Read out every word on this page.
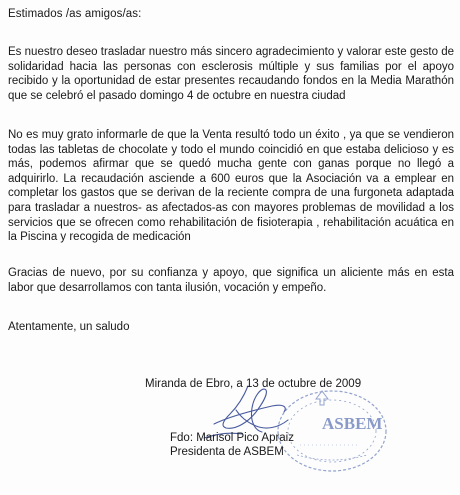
Estimados /as amigos/as:

Es nuestro deseo trasladar nuestro más sincero agradecimiento y valorar este gesto de solidaridad hacia las personas con esclerosis múltiple y sus familias por el apoyo recibido y la oportunidad de estar presentes recaudando fondos en la Media Marathón que se celebró el pasado domingo 4 de octubre en nuestra ciudad

No es muy grato informarle de que la Venta resultó todo un éxito , ya que se vendieron todas las tabletas de chocolate y todo el mundo coincidió en que estaba delicioso y es más, podemos afirmar que se quedó mucha gente con ganas porque no llegó a adquirirlo. La recaudación asciende a 600 euros que la Asociación va a emplear en completar los gastos que se derivan de la reciente compra de una furgoneta adaptada para trasladar a nuestros- as afectados-as con mayores problemas de movilidad a los servicios que se ofrecen como rehabilitación de fisioterapia , rehabilitación acuática en la Piscina y recogida de medicación

Gracias de nuevo, por su confianza y apoyo, que significa un aliciente más en esta labor que desarrollamos con tanta ilusión, vocación y empeño.

Atentamente, un saludo
Miranda de Ebro, a 13 de octubre de 2009
ASBEM
Fdo: Marisol Pico Apraiz
Presidenta de ASBEM
